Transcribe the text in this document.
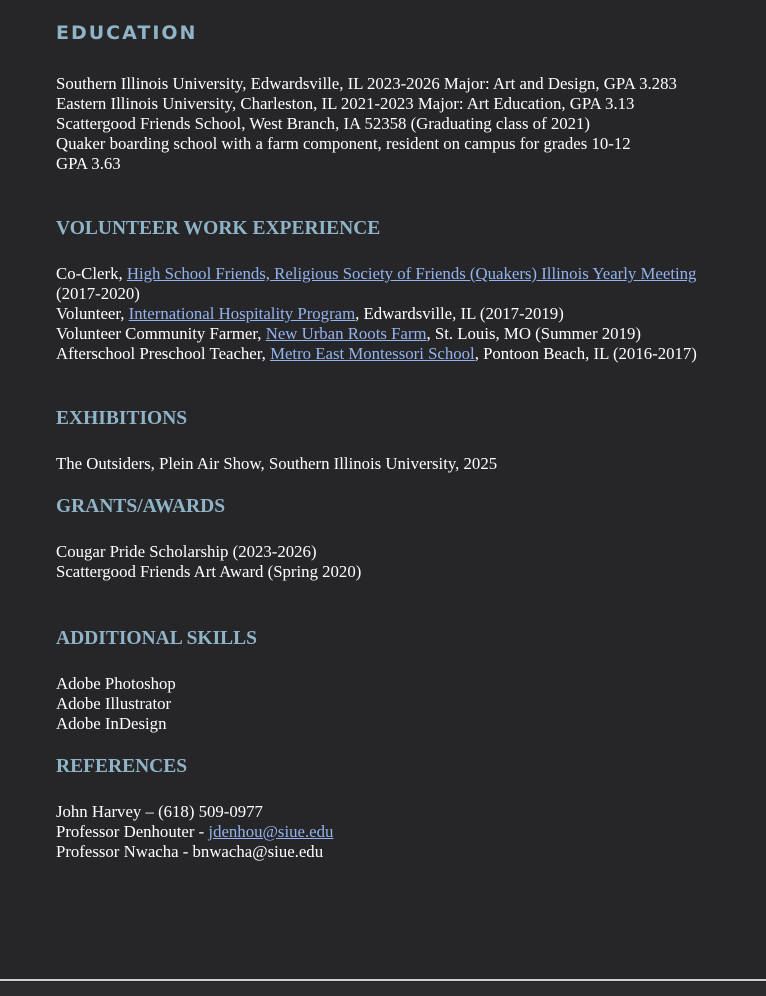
EDUCATION
Southern Illinois University, Edwardsville, IL 2023-2026 Major: Art and Design, GPA 3.283
Eastern Illinois University, Charleston, IL 2021-2023 Major: Art Education, GPA 3.13
Scattergood Friends School, West Branch, IA 52358 (Graduating class of 2021)
Quaker boarding school with a farm component, resident on campus for grades 10-12
GPA 3.63
VOLUNTEER WORK EXPERIENCE
Co-Clerk, High School Friends, Religious Society of Friends (Quakers) Illinois Yearly Meeting (2017-2020)
Volunteer, International Hospitality Program, Edwardsville, IL (2017-2019)
Volunteer Community Farmer, New Urban Roots Farm, St. Louis, MO (Summer 2019)
Afterschool Preschool Teacher, Metro East Montessori School, Pontoon Beach, IL (2016-2017)
EXHIBITIONS
The Outsiders, Plein Air Show, Southern Illinois University, 2025
GRANTS/AWARDS
Cougar Pride Scholarship (2023-2026)
Scattergood Friends Art Award (Spring 2020)
ADDITIONAL SKILLS
Adobe Photoshop
Adobe Illustrator
Adobe InDesign
REFERENCES
John Harvey – (618) 509-0977
Professor Denhouter - jdenhou@siue.edu
Professor Nwacha - bnwacha@siue.edu
